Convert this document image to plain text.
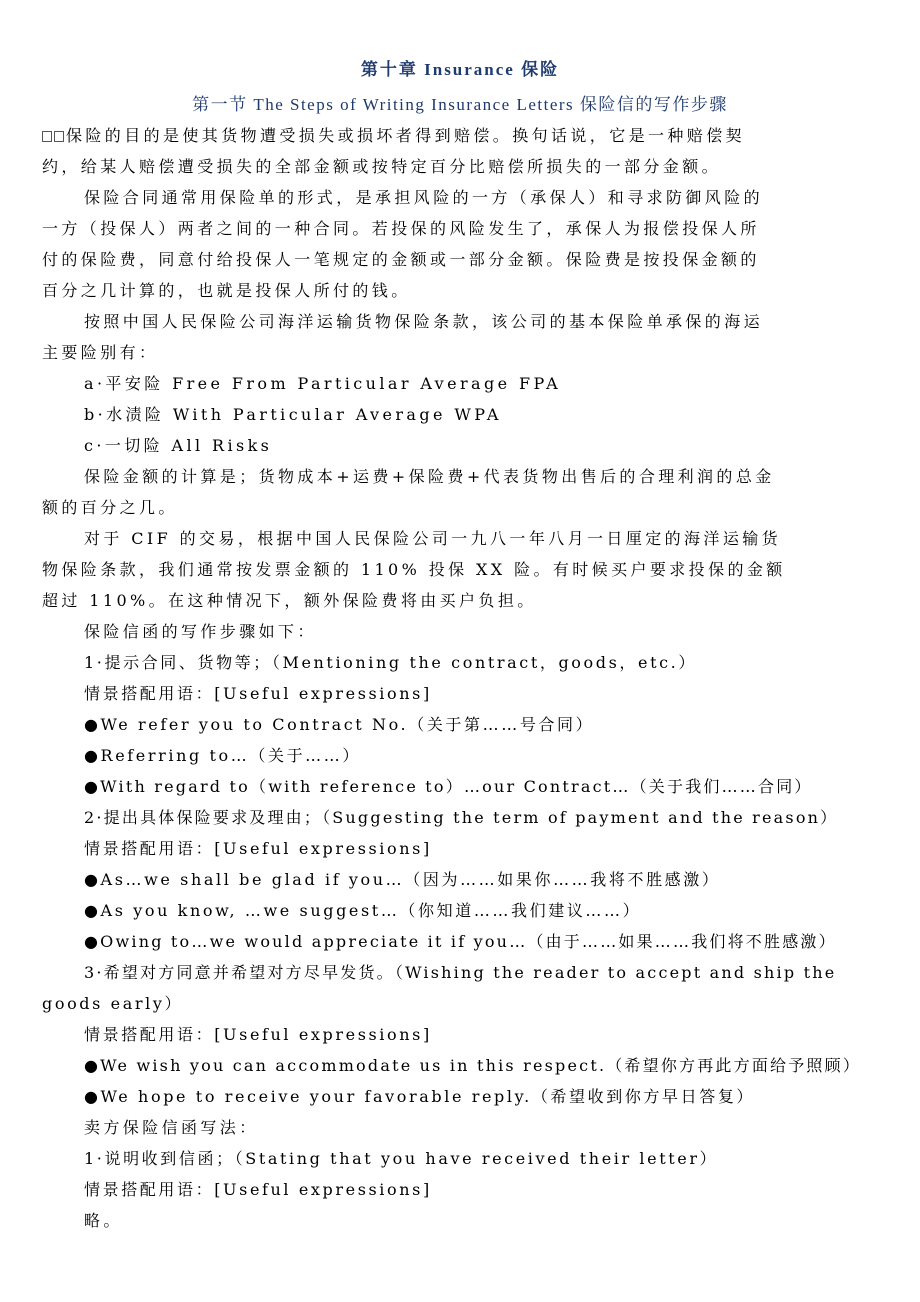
第十章 Insurance 保险
第一节 The Steps of Writing Insurance Letters 保险信的写作步骤
保险的目的是使其货物遭受损失或损坏者得到赔偿。换句话说，它是一种赔偿契
约，给某人赔偿遭受损失的全部金额或按特定百分比赔偿所损失的一部分金额。
保险合同通常用保险单的形式，是承担风险的一方（承保人）和寻求防御风险的
一方（投保人）两者之间的一种合同。若投保的风险发生了，承保人为报偿投保人所
付的保险费，同意付给投保人一笔规定的金额或一部分金额。保险费是按投保金额的
百分之几计算的，也就是投保人所付的钱。
按照中国人民保险公司海洋运输货物保险条款，该公司的基本保险单承保的海运
主要险别有：
a·平安险 Free From Particular Average FPA
b·水渍险 With Particular Average WPA
c·一切险 All Risks
保险金额的计算是；货物成本+运费+保险费+代表货物出售后的合理利润的总金
额的百分之几。
对于 CIF 的交易，根据中国人民保险公司一九八一年八月一日厘定的海洋运输货
物保险条款，我们通常按发票金额的 110% 投保 XX 险。有时候买户要求投保的金额
超过 110%。在这种情况下，额外保险费将由买户负担。
保险信函的写作步骤如下：
1·提示合同、货物等；（Mentioning the contract，goods，etc.）
情景搭配用语：[Useful expressions]
●We refer you to Contract No.（关于第……号合同）
●Referring to…（关于……）
●With regard to（with reference to）…our Contract…（关于我们……合同）
2·提出具体保险要求及理由；（Suggesting the term of payment and the reason）
情景搭配用语：[Useful expressions]
●As…we shall be glad if you…（因为……如果你……我将不胜感激）
●As you know, …we suggest…（你知道……我们建议……）
●Owing to…we would appreciate it if you…（由于……如果……我们将不胜感激）
3·希望对方同意并希望对方尽早发货。（Wishing the reader to accept and ship the
goods early）
情景搭配用语：[Useful expressions]
●We wish you can accommodate us in this respect.（希望你方再此方面给予照顾）
●We hope to receive your favorable reply.（希望收到你方早日答复）
卖方保险信函写法：
1·说明收到信函；（Stating that you have received their letter）
情景搭配用语：[Useful expressions]
略。
